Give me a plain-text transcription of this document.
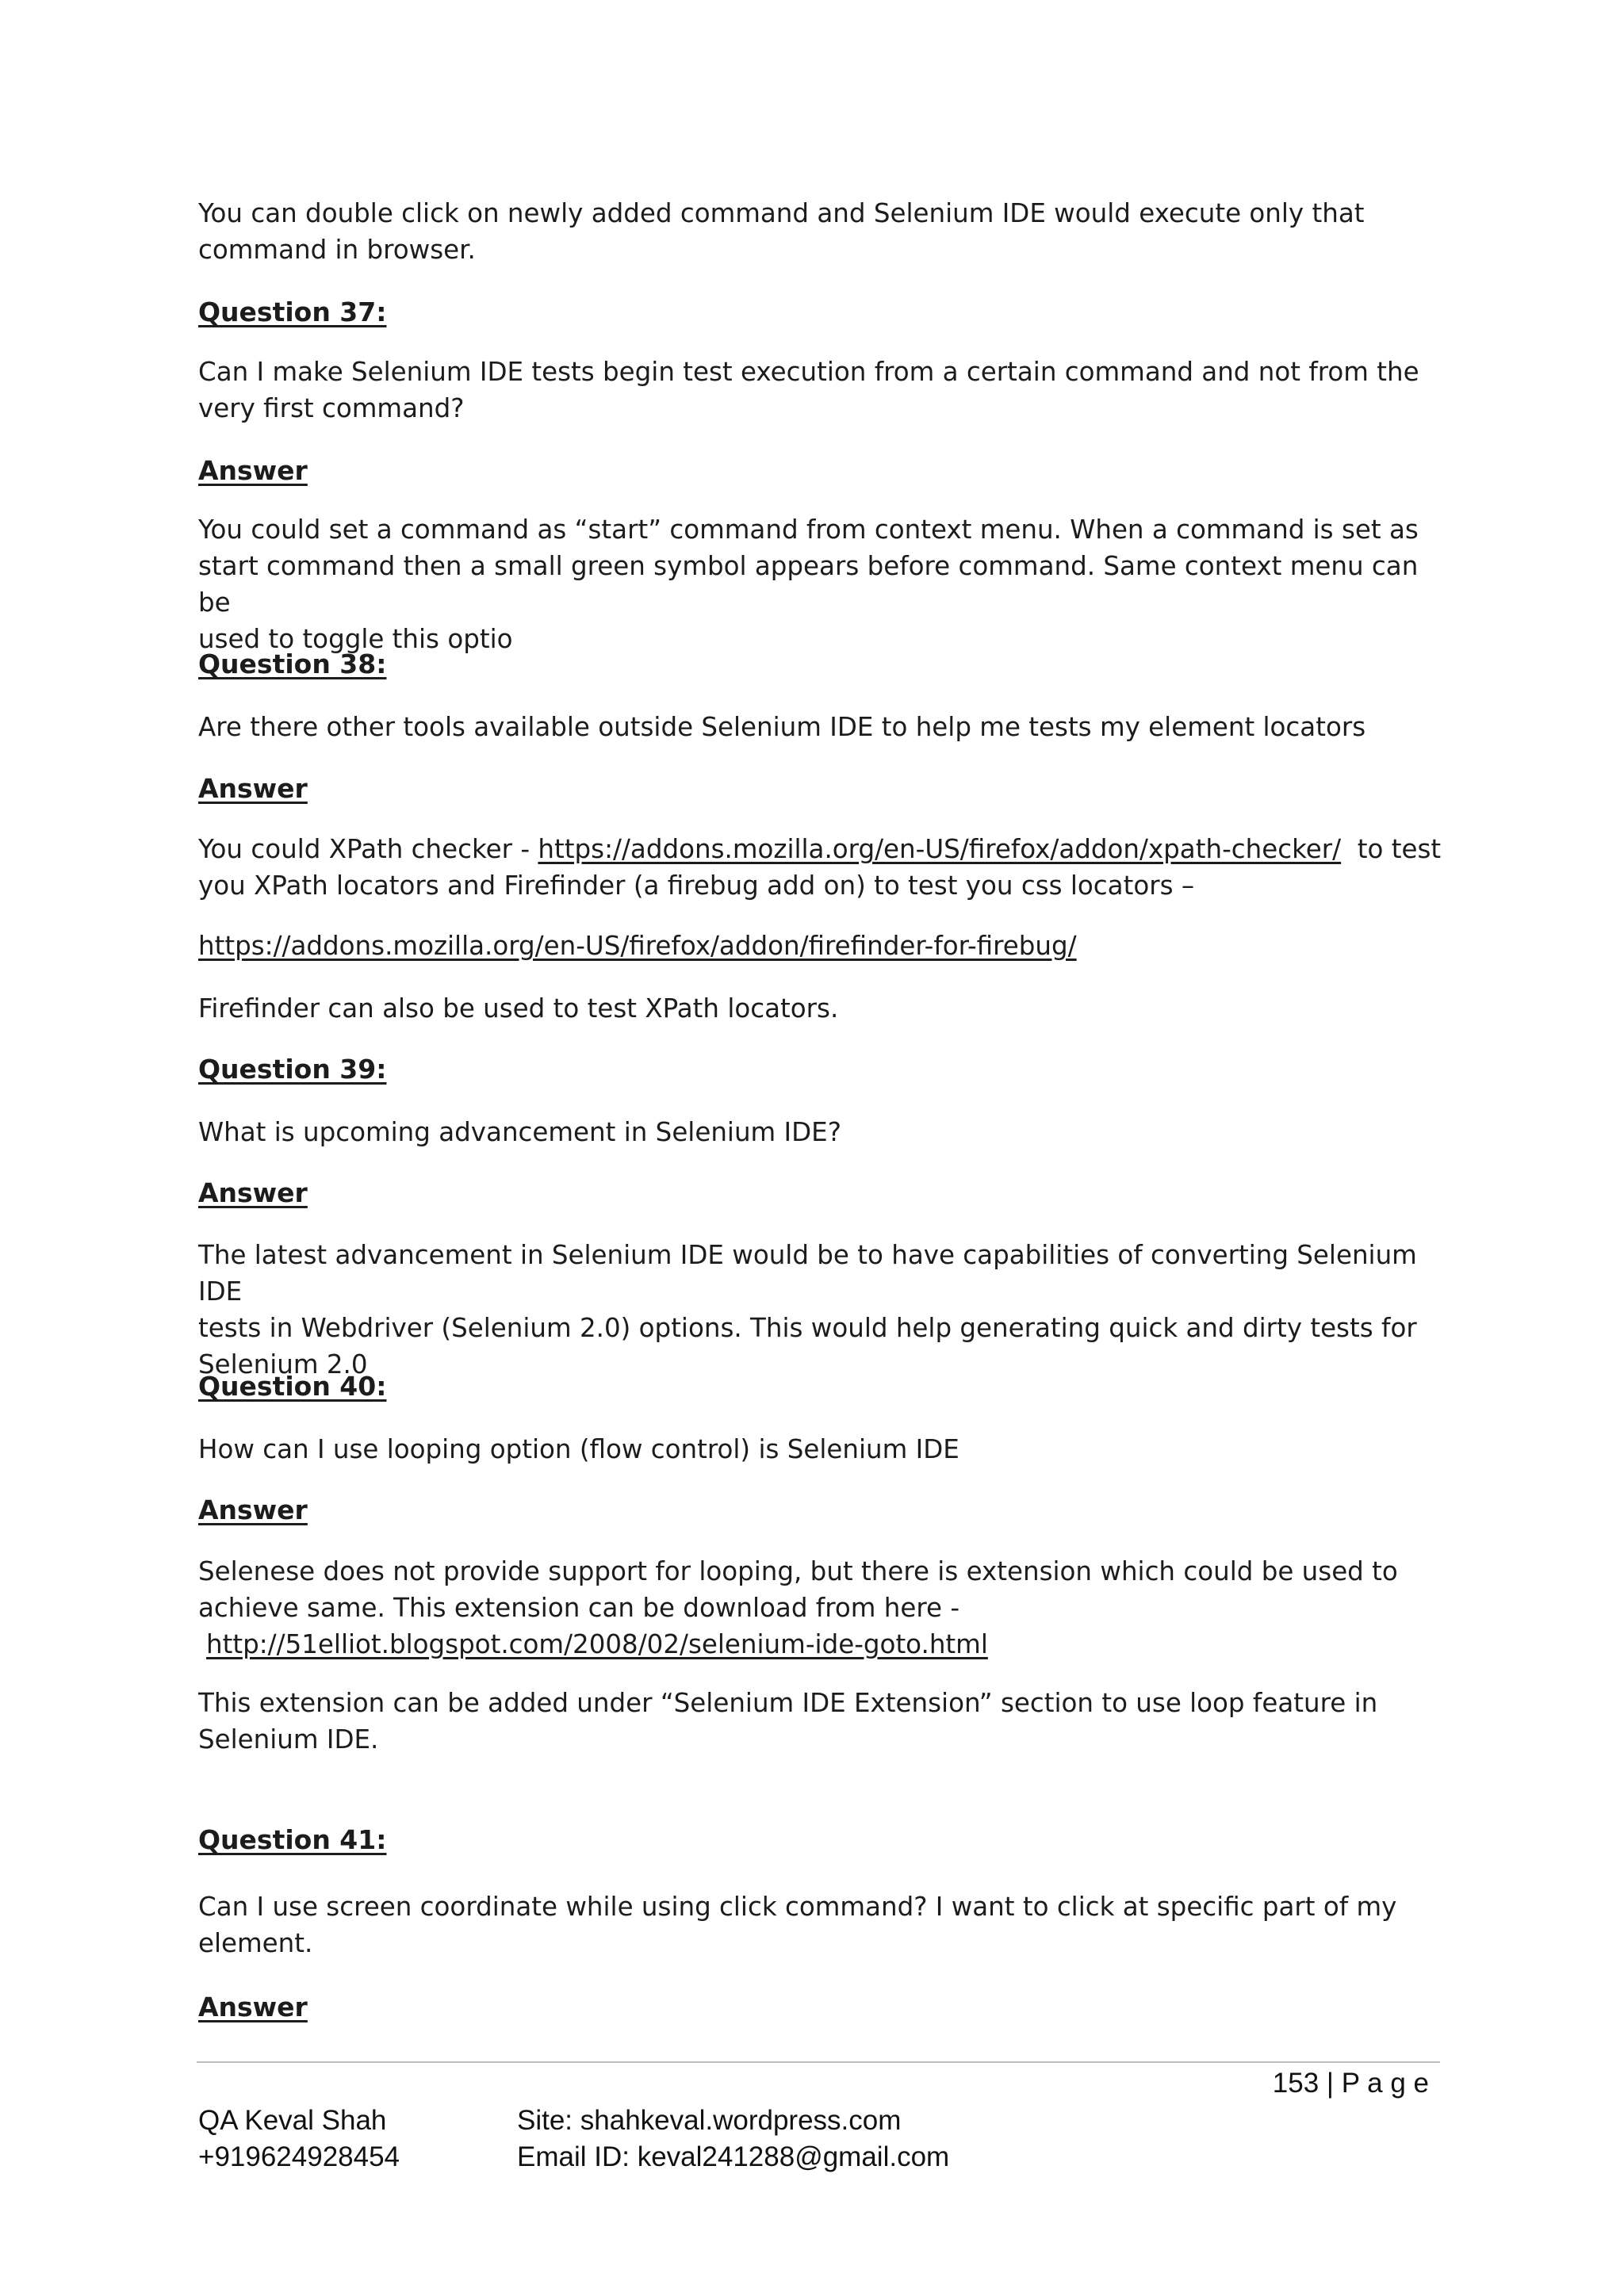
You can double click on newly added command and Selenium IDE would execute only that
command in browser.
Question 37:
Can I make Selenium IDE tests begin test execution from a certain command and not from the
very first command?
Answer
You could set a command as “start” command from context menu. When a command is set as
start command then a small green symbol appears before command. Same context menu can be
used to toggle this optio
Question 38:
Are there other tools available outside Selenium IDE to help me tests my element locators
Answer
You could XPath checker - https://addons.mozilla.org/en-US/firefox/addon/xpath-checker/  to test
you XPath locators and Firefinder (a firebug add on) to test you css locators –
https://addons.mozilla.org/en-US/firefox/addon/firefinder-for-firebug/
Firefinder can also be used to test XPath locators.
Question 39:
What is upcoming advancement in Selenium IDE?
Answer
The latest advancement in Selenium IDE would be to have capabilities of converting Selenium IDE
tests in Webdriver (Selenium 2.0) options. This would help generating quick and dirty tests for
Selenium 2.0
Question 40:
How can I use looping option (flow control) is Selenium IDE
Answer
Selenese does not provide support for looping, but there is extension which could be used to
achieve same. This extension can be download from here -
http://51elliot.blogspot.com/2008/02/selenium-ide-goto.html
This extension can be added under “Selenium IDE Extension” section to use loop feature in
Selenium IDE.
Question 41:
Can I use screen coordinate while using click command? I want to click at specific part of my
element.
Answer
153 | P a g e
QA Keval Shah
+919624928454
Site: shahkeval.wordpress.com
Email ID: keval241288@gmail.com
